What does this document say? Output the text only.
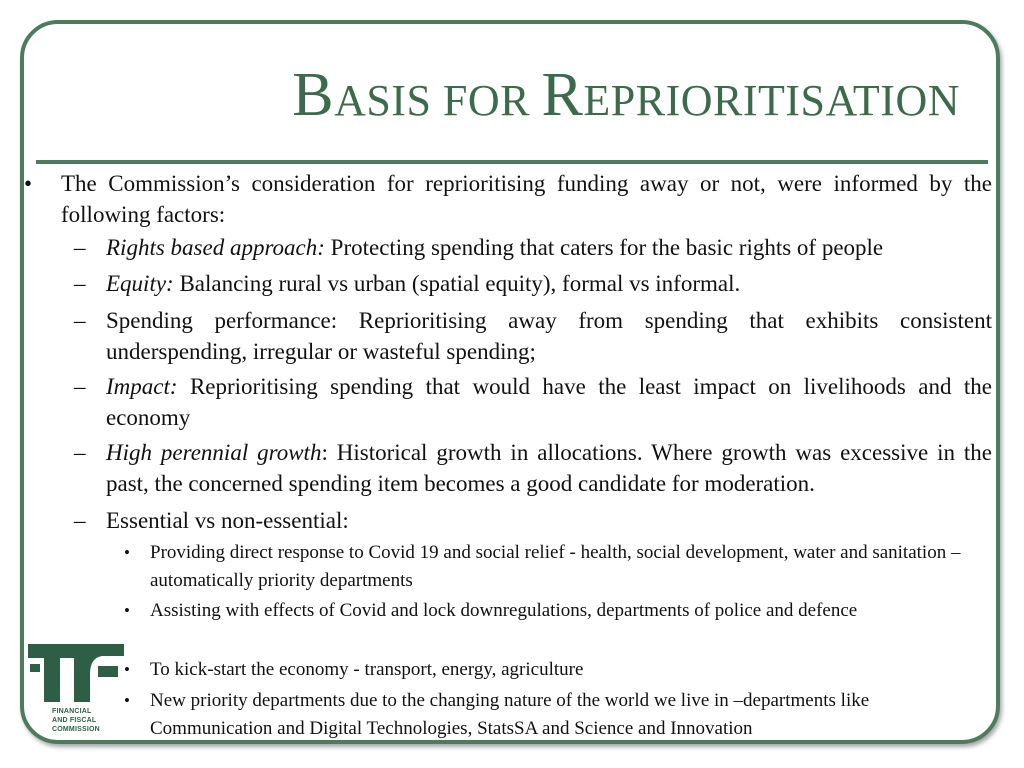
BASIS FOR REPRIORITISATION
• The Commission’s consideration for reprioritising funding away or not, were informed by the following factors:
– Rights based approach: Protecting spending that caters for the basic rights of people
– Equity: Balancing rural vs urban (spatial equity), formal vs informal.
– Spending performance: Reprioritising away from spending that exhibits consistent underspending, irregular or wasteful spending;
– Impact: Reprioritising spending that would have the least impact on livelihoods and the economy
– High perennial growth: Historical growth in allocations. Where growth was excessive in the past, the concerned spending item becomes a good candidate for moderation.
– Essential vs non-essential:
• Providing direct response to Covid 19 and social relief - health, social development, water and sanitation – automatically priority departments
• Assisting with effects of Covid and lock downregulations, departments of police and defence
• To kick-start the economy - transport, energy, agriculture
• New priority departments due to the changing nature of the world we live in –departments like Communication and Digital Technologies, StatsSA and Science and Innovation
FINANCIAL
AND FISCAL
COMMISSION
